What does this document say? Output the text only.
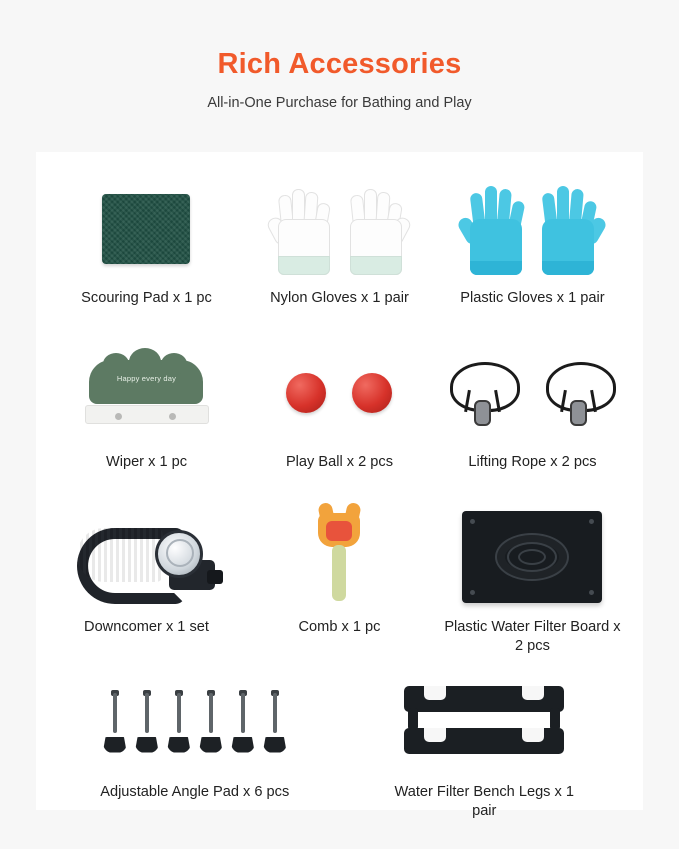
Rich Accessories

All-in-One Purchase for Bathing and Play

Scouring Pad x 1 pc	Nylon Gloves x 1 pair	Plastic Gloves x 1 pair
Happy every day
Wiper x 1 pc	Play Ball x 2 pcs	Lifting Rope x 2 pcs
Downcomer x 1 set	Comb x 1 pc	Plastic Water Filter Board x 2 pcs
Adjustable Angle Pad x 6 pcs	Water Filter Bench Legs x 1 pair
